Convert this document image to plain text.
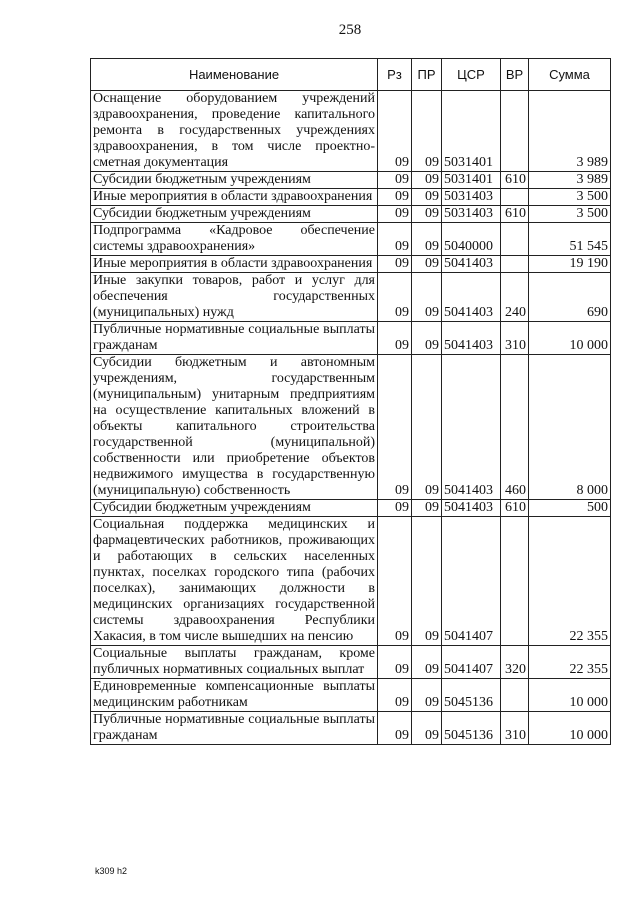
258
Наименование	Рз	ПР	ЦСР	ВР	Сумма
Оснащение оборудованием учреждений здравоохранения, проведение капитального ремонта в государственных учреждениях здравоохранения, в том числе проектно-сметная документация	09	09	5031401		3 989
Субсидии бюджетным учреждениям	09	09	5031401	610	3 989
Иные мероприятия в области здравоохранения	09	09	5031403		3 500
Субсидии бюджетным учреждениям	09	09	5031403	610	3 500
Подпрограмма «Кадровое обеспечение системы здравоохранения»	09	09	5040000		51 545
Иные мероприятия в области здравоохранения	09	09	5041403		19 190
Иные закупки товаров, работ и услуг для обеспечения государственных (муниципальных) нужд	09	09	5041403	240	690
Публичные нормативные социальные выплаты гражданам	09	09	5041403	310	10 000
Субсидии бюджетным и автономным учреждениям, государственным (муниципальным) унитарным предприятиям на осуществление капитальных вложений в объекты капитального строительства государственной (муниципальной) собственности или приобретение объектов недвижимого имущества в государственную (муниципальную) собственность	09	09	5041403	460	8 000
Субсидии бюджетным учреждениям	09	09	5041403	610	500
Социальная поддержка медицинских и фармацевтических работников, проживающих и работающих в сельских населенных пунктах, поселках городского типа (рабочих поселках), занимающих должности в медицинских организациях государственной системы здравоохранения Республики Хакасия, в том числе вышедших на пенсию	09	09	5041407		22 355
Социальные выплаты гражданам, кроме публичных нормативных социальных выплат	09	09	5041407	320	22 355
Единовременные компенсационные выплаты медицинским работникам	09	09	5045136		10 000
Публичные нормативные социальные выплаты гражданам	09	09	5045136	310	10 000
k309 h2
